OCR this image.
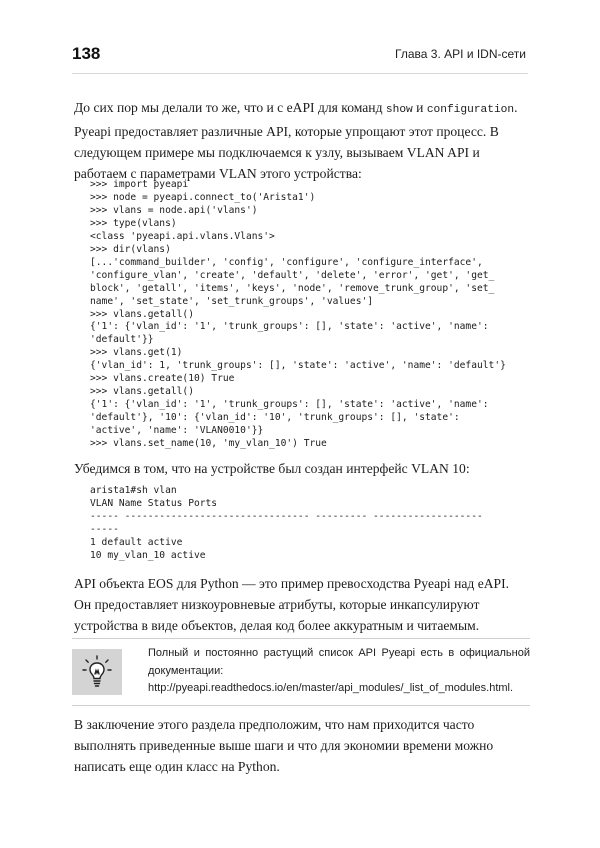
138	Глава 3. API и IDN-сети

До сих пор мы делали то же, что и с eAPI для команд show и configuration. Pyeapi предоставляет различные API, которые упрощают этот процесс. В следующем примере мы подключаемся к узлу, вызываем VLAN API и работаем с параметрами VLAN этого устройства:

>>> import pyeapi
>>> node = pyeapi.connect_to('Arista1')
>>> vlans = node.api('vlans')
>>> type(vlans)
<class 'pyeapi.api.vlans.Vlans'>
>>> dir(vlans)
[...'command_builder', 'config', 'configure', 'configure_interface',
'configure_vlan', 'create', 'default', 'delete', 'error', 'get', 'get_
block', 'getall', 'items', 'keys', 'node', 'remove_trunk_group', 'set_
name', 'set_state', 'set_trunk_groups', 'values']
>>> vlans.getall()
{'1': {'vlan_id': '1', 'trunk_groups': [], 'state': 'active', 'name':
'default'}}
>>> vlans.get(1)
{'vlan_id': 1, 'trunk_groups': [], 'state': 'active', 'name': 'default'}
>>> vlans.create(10) True
>>> vlans.getall()
{'1': {'vlan_id': '1', 'trunk_groups': [], 'state': 'active', 'name':
'default'}, '10': {'vlan_id': '10', 'trunk_groups': [], 'state':
'active', 'name': 'VLAN0010'}}
>>> vlans.set_name(10, 'my_vlan_10') True

Убедимся в том, что на устройстве был создан интерфейс VLAN 10:

arista1#sh vlan
VLAN Name Status Ports
----- -------------------------------- --------- -------------------
-----
1 default active
10 my_vlan_10 active

API объекта EOS для Python — это пример превосходства Pyeapi над eAPI. Он предоставляет низкоуровневые атрибуты, которые инкапсулируют устройства в виде объектов, делая код более аккуратным и читаемым.

Полный и постоянно растущий список API Pyeapi есть в официальной документации: http://pyeapi.readthedocs.io/en/master/api_modules/_list_of_modules.html.

В заключение этого раздела предположим, что нам приходится часто выполнять приведенные выше шаги и что для экономии времени можно написать еще один класс на Python.
